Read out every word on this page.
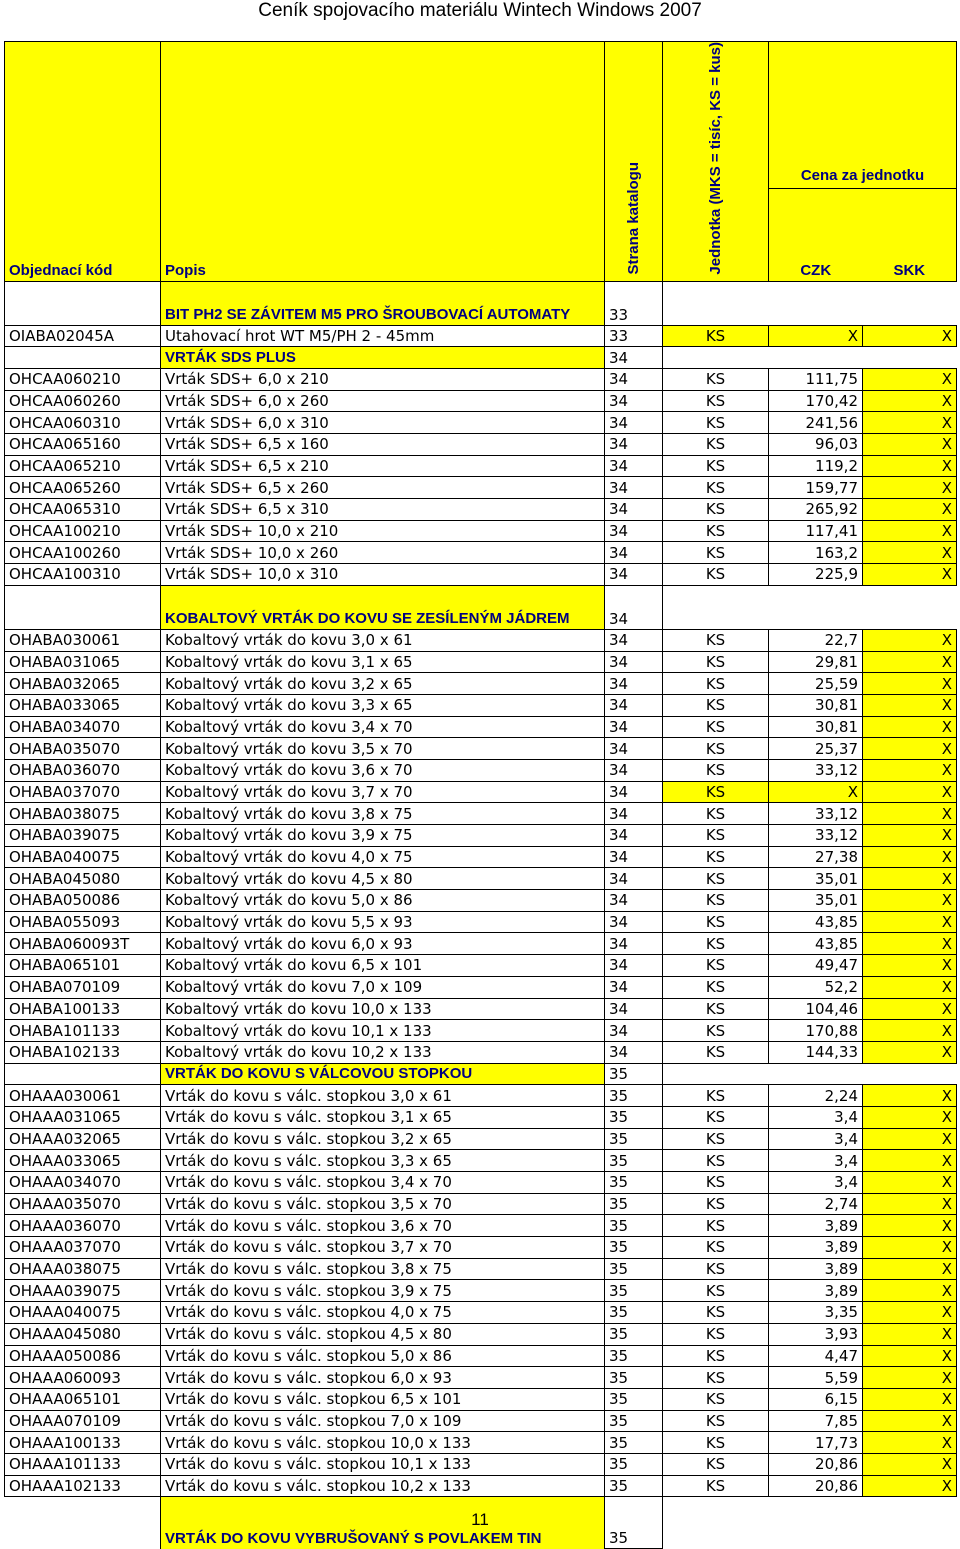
Ceník spojovacího materiálu Wintech Windows 2007
Objednací kód	Popis	Strana katalogu	Jednotka (MKS = tisíc, KS = kus)	Cena za jednotku
CZK SKK	

	BIT PH2 SE ZÁVITEM M5 PRO ŠROUBOVACÍ AUTOMATY	33			
OIABA02045A	Utahovací hrot WT M5/PH 2 - 45mm	33	KS	X	X
	VRTÁK SDS PLUS	34			
OHCAA060210	Vrták SDS+ 6,0 x 210	34	KS	111,75	X
OHCAA060260	Vrták SDS+ 6,0 x 260	34	KS	170,42	X
OHCAA060310	Vrták SDS+ 6,0 x 310	34	KS	241,56	X
OHCAA065160	Vrták SDS+ 6,5 x 160	34	KS	96,03	X
OHCAA065210	Vrták SDS+ 6,5 x 210	34	KS	119,2	X
OHCAA065260	Vrták SDS+ 6,5 x 260	34	KS	159,77	X
OHCAA065310	Vrták SDS+ 6,5 x 310	34	KS	265,92	X
OHCAA100210	Vrták SDS+ 10,0 x 210	34	KS	117,41	X
OHCAA100260	Vrták SDS+ 10,0 x 260	34	KS	163,2	X
OHCAA100310	Vrták SDS+ 10,0 x 310	34	KS	225,9	X
	KOBALTOVÝ VRTÁK DO KOVU SE ZESÍLENÝM JÁDREM	34			
OHABA030061	Kobaltový vrták do kovu 3,0 x 61	34	KS	22,7	X
OHABA031065	Kobaltový vrták do kovu 3,1 x 65	34	KS	29,81	X
OHABA032065	Kobaltový vrták do kovu 3,2 x 65	34	KS	25,59	X
OHABA033065	Kobaltový vrták do kovu 3,3 x 65	34	KS	30,81	X
OHABA034070	Kobaltový vrták do kovu 3,4 x 70	34	KS	30,81	X
OHABA035070	Kobaltový vrták do kovu 3,5 x 70	34	KS	25,37	X
OHABA036070	Kobaltový vrták do kovu 3,6 x 70	34	KS	33,12	X
OHABA037070	Kobaltový vrták do kovu 3,7 x 70	34	KS	X	X
OHABA038075	Kobaltový vrták do kovu 3,8 x 75	34	KS	33,12	X
OHABA039075	Kobaltový vrták do kovu 3,9 x 75	34	KS	33,12	X
OHABA040075	Kobaltový vrták do kovu 4,0 x 75	34	KS	27,38	X
OHABA045080	Kobaltový vrták do kovu 4,5 x 80	34	KS	35,01	X
OHABA050086	Kobaltový vrták do kovu 5,0 x 86	34	KS	35,01	X
OHABA055093	Kobaltový vrták do kovu 5,5 x 93	34	KS	43,85	X
OHABA060093T	Kobaltový vrták do kovu 6,0 x 93	34	KS	43,85	X
OHABA065101	Kobaltový vrták do kovu 6,5 x 101	34	KS	49,47	X
OHABA070109	Kobaltový vrták do kovu 7,0 x 109	34	KS	52,2	X
OHABA100133	Kobaltový vrták do kovu 10,0 x 133	34	KS	104,46	X
OHABA101133	Kobaltový vrták do kovu 10,1 x 133	34	KS	170,88	X
OHABA102133	Kobaltový vrták do kovu 10,2 x 133	34	KS	144,33	X
	VRTÁK DO KOVU S VÁLCOVOU STOPKOU	35			
OHAAA030061	Vrták do kovu s válc. stopkou 3,0 x 61	35	KS	2,24	X
OHAAA031065	Vrták do kovu s válc. stopkou 3,1 x 65	35	KS	3,4	X
OHAAA032065	Vrták do kovu s válc. stopkou 3,2 x 65	35	KS	3,4	X
OHAAA033065	Vrták do kovu s válc. stopkou 3,3 x 65	35	KS	3,4	X
OHAAA034070	Vrták do kovu s válc. stopkou 3,4 x 70	35	KS	3,4	X
OHAAA035070	Vrták do kovu s válc. stopkou 3,5 x 70	35	KS	2,74	X
OHAAA036070	Vrták do kovu s válc. stopkou 3,6 x 70	35	KS	3,89	X
OHAAA037070	Vrták do kovu s válc. stopkou 3,7 x 70	35	KS	3,89	X
OHAAA038075	Vrták do kovu s válc. stopkou 3,8 x 75	35	KS	3,89	X
OHAAA039075	Vrták do kovu s válc. stopkou 3,9 x 75	35	KS	3,89	X
OHAAA040075	Vrták do kovu s válc. stopkou 4,0 x 75	35	KS	3,35	X
OHAAA045080	Vrták do kovu s válc. stopkou 4,5 x 80	35	KS	3,93	X
OHAAA050086	Vrták do kovu s válc. stopkou 5,0 x 86	35	KS	4,47	X
OHAAA060093	Vrták do kovu s válc. stopkou 6,0 x 93	35	KS	5,59	X
OHAAA065101	Vrták do kovu s válc. stopkou 6,5 x 101	35	KS	6,15	X
OHAAA070109	Vrták do kovu s válc. stopkou 7,0 x 109	35	KS	7,85	X
OHAAA100133	Vrták do kovu s válc. stopkou 10,0 x 133	35	KS	17,73	X
OHAAA101133	Vrták do kovu s válc. stopkou 10,1 x 133	35	KS	20,86	X
OHAAA102133	Vrták do kovu s válc. stopkou 10,2 x 133	35	KS	20,86	X
	VRTÁK DO KOVU VYBRUŠOVANÝ S POVLAKEM TIN	35			
11
